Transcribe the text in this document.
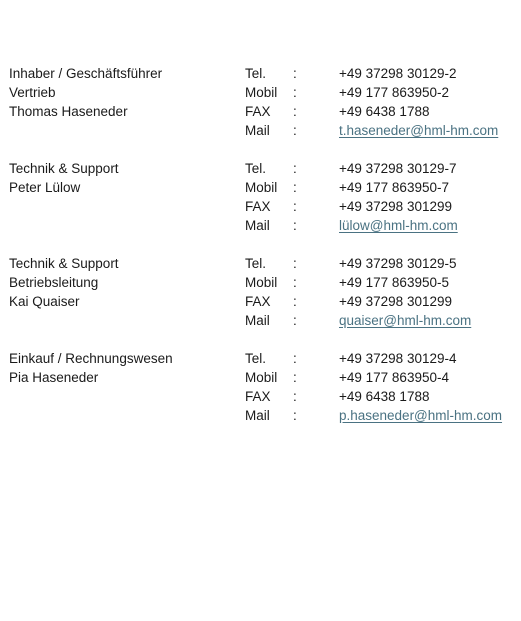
Inhaber / Geschäftsführer	Tel. :	+49 37298 30129-2
Vertrieb	Mobil :	+49 177 863950-2
Thomas Haseneder	FAX :	+49 6438 1788
Mail :	t.haseneder@hml-hm.com
Technik & Support	Tel. :	+49 37298 30129-7
Peter Lülow	Mobil :	+49 177 863950-7
FAX :	+49 37298 301299
Mail :	lülow@hml-hm.com
Technik & Support	Tel. :	+49 37298 30129-5
Betriebsleitung	Mobil :	+49 177 863950-5
Kai Quaiser	FAX :	+49 37298 301299
Mail :	quaiser@hml-hm.com
Einkauf / Rechnungswesen	Tel. :	+49 37298 30129-4
Pia Haseneder	Mobil :	+49 177 863950-4
FAX :	+49 6438 1788
Mail :	p.haseneder@hml-hm.com
